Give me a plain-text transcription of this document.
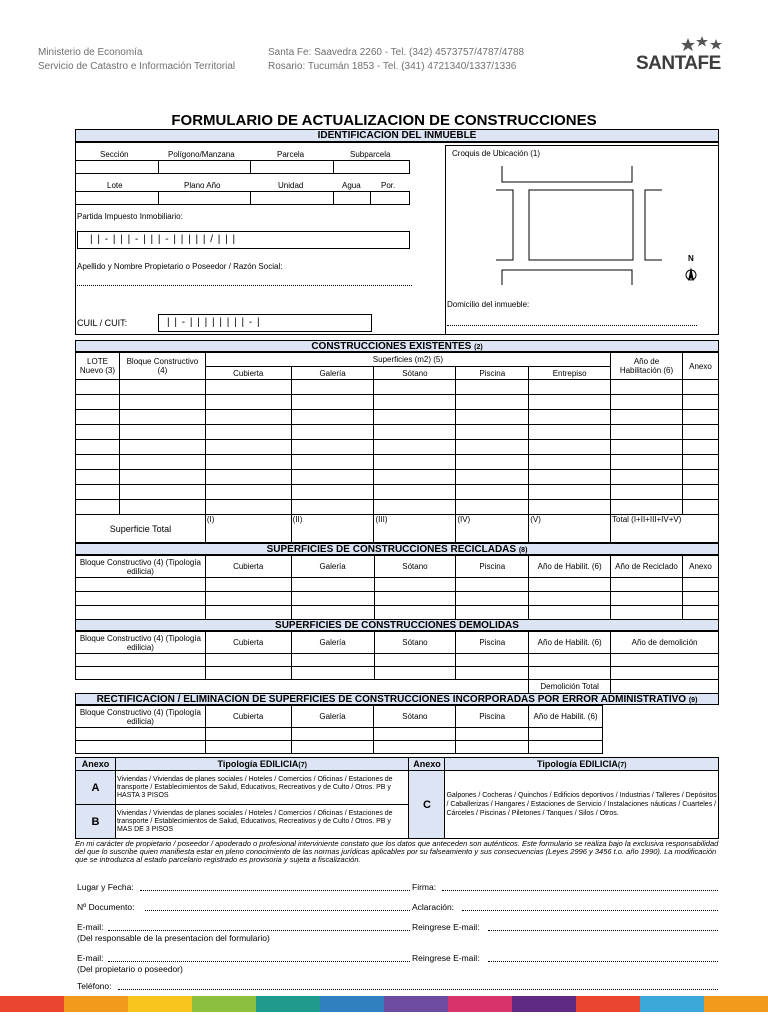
Ministerio de Economía
Servicio de Catastro e Información Territorial
Santa Fe: Saavedra 2260 - Tel. (342) 4573757/4787/4788
Rosario: Tucumán 1853 - Tel. (341) 4721340/1337/1336	SANTAFE
FORMULARIO DE ACTUALIZACION DE CONSTRUCCIONES
IDENTIFICACION DEL INMUEBLE
Sección	Polígono/Manzana	Parcela	Subparcela
Lote	Plano Año	Unidad	Agua	Por.
Partida Impuesto Inmobiliario:
| | - | | | - | | | - | | | | | / | | |
Apellido y Nombre Propietario o Poseedor / Razón Social:
CUIL / CUIT:	| | - | | | | | | | | - |
Croquis de Ubicación (1)
N
Domicilio del inmueble:
CONSTRUCCIONES EXISTENTES (2)
LOTE Nuevo (3)	Bloque Constructivo (4)	Superficies (m2) (5)					Año de Habilitación (6)	Anexo
		Cubierta	Galería	Sótano	Piscina	Entrepiso		

Superficie Total		(I)	(II)	(III)	(IV)	(V)	Total (I+II+III+IV+V)	
SUPERFICIES DE CONSTRUCCIONES RECICLADAS (8)
Bloque Constructivo (4) (Tipología edilicia)	Cubierta	Galería	Sótano	Piscina	Año de Habilit. (6)	Año de Reciclado	Anexo

SUPERFICIES DE CONSTRUCCIONES DEMOLIDAS
Bloque Constructivo (4) (Tipología edilicia)	Cubierta	Galería	Sótano	Piscina	Año de Habilit. (6)	Año de demolición

					Demolición Total	
RECTIFICACION / ELIMINACION DE SUPERFICIES DE CONSTRUCCIONES INCORPORADAS POR ERROR ADMINISTRATIVO (9)
Bloque Constructivo (4) (Tipología edilicia)	Cubierta	Galería	Sótano	Piscina	Año de Habilit. (6)

Anexo	Tipología EDILICIA(7)	Anexo	Tipología EDILICIA(7)
A	Viviendas / Viviendas de planes sociales / Hoteles / Comercios / Oficinas / Estaciones de transporte / Establecimientos de Salud, Educativos, Recreativos y de Culto / Otros. PB y HASTA 3 PISOS	C	Galpones / Cocheras / Quinchos / Edificios deportivos / Industrias / Talleres / Depósitos / Caballerizas / Hangares / Estaciones de Servicio / Instalaciones náuticas / Cuarteles / Cárceles / Piscinas / Piletones / Tanques / Silos / Otros.
B	Viviendas / Viviendas de planes sociales / Hoteles / Comercios / Oficinas / Estaciones de transporte / Establecimientos de Salud, Educativos, Recreativos y de Culto / Otros. PB y MAS DE 3 PISOS		
En mi carácter de propietario / poseedor / apoderado o profesional interviniente constato que los datos que anteceden son auténticos. Este formulario se realiza bajo la exclusiva responsabilidad del que lo suscribe quien manifiesta estar en pleno conocimiento de las normas jurídicas aplicables por su falseamiento y sus consecuencias (Leyes 2996 y 3456 t.o. año 1990). La modificación que se introduzca al estado parcelario registrado es provisoria y sujeta a fiscalización.
Lugar y Fecha:	Firma:
Nº Documento:	Aclaración:
E-mail:	Reingrese E-mail:
(Del responsable de la presentacion del formulario)
E-mail:	Reingrese E-mail:
(Del propietario o poseedor)
Teléfono:
